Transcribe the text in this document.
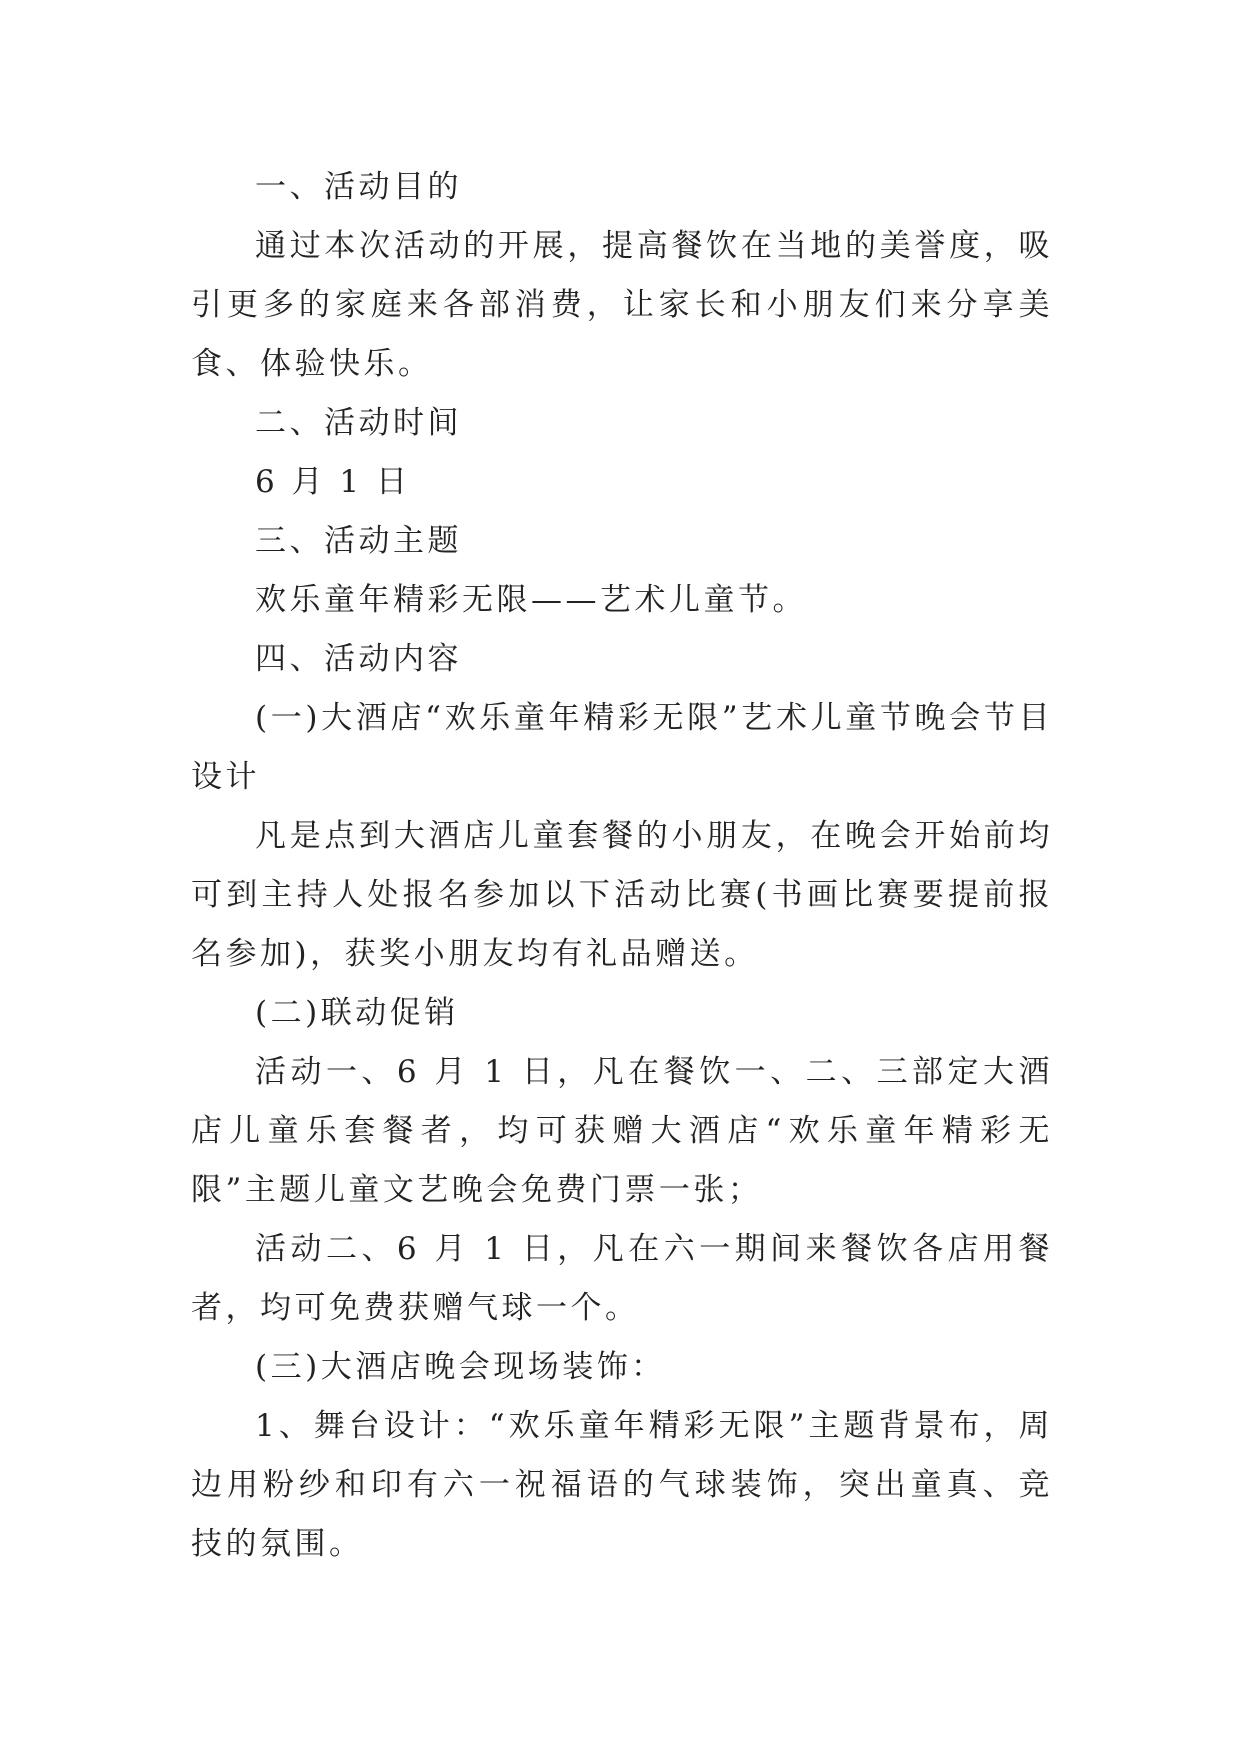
一、活动目的

通过本次活动的开展，提高餐饮在当地的美誉度，吸引更多的家庭来各部消费，让家长和小朋友们来分享美食、体验快乐。

二、活动时间

6 月 1 日

三、活动主题

欢乐童年精彩无限——艺术儿童节。

四、活动内容

(一)大酒店“欢乐童年精彩无限”艺术儿童节晚会节目设计

凡是点到大酒店儿童套餐的小朋友，在晚会开始前均可到主持人处报名参加以下活动比赛(书画比赛要提前报名参加)，获奖小朋友均有礼品赠送。

(二)联动促销

活动一、6 月 1 日，凡在餐饮一、二、三部定大酒店儿童乐套餐者，均可获赠大酒店“欢乐童年精彩无限”主题儿童文艺晚会免费门票一张；

活动二、6 月 1 日，凡在六一期间来餐饮各店用餐者，均可免费获赠气球一个。

(三)大酒店晚会现场装饰：

1、舞台设计：“欢乐童年精彩无限”主题背景布，周边用粉纱和印有六一祝福语的气球装饰，突出童真、竞技的氛围。
